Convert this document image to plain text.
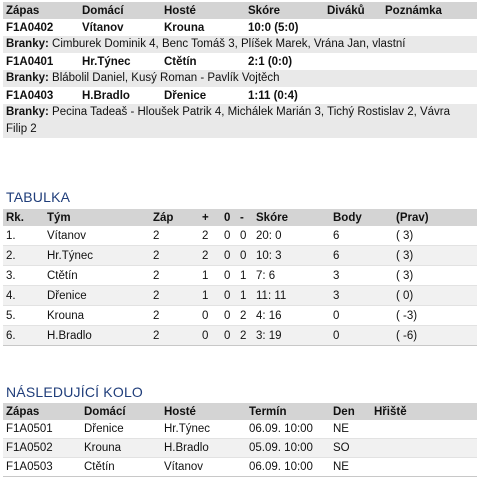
Zápas	Domácí	Hosté	Skóre	Diváků	Poznámka
F1A0402	Vítanov	Krouna	10:0 (5:0)		
Branky: Cimburek Dominik 4, Benc Tomáš 3, Plíšek Marek, Vrána Jan, vlastní					
F1A0401	Hr.Týnec	Ctětín	2:1 (0:0)		
Branky: Blábolil Daniel, Kusý Roman - Pavlík Vojtěch					
F1A0403	H.Bradlo	Dřenice	1:11 (0:4)		
Branky: Pecina Tadeaš - Hloušek Patrik 4, Michálek Marián 3, Tichý Rostislav 2, Vávra Filip 2					
TABULKA
Rk.	Tým	Záp	+	0	-	Skóre	Body	(Prav)
1.	Vítanov	2	2	0	0	20: 0	6	( 3)
2.	Hr.Týnec	2	2	0	0	10: 3	6	( 3)
3.	Ctětín	2	1	0	1	7: 6	3	( 3)
4.	Dřenice	2	1	0	1	11: 11	3	( 0)
5.	Krouna	2	0	0	2	4: 16	0	( -3)
6.	H.Bradlo	2	0	0	2	3: 19	0	( -6)
NÁSLEDUJÍCÍ KOLO
Zápas	Domácí	Hosté	Termín	Den	Hřiště
F1A0501	Dřenice	Hr.Týnec	06.09. 10:00	NE	
F1A0502	Krouna	H.Bradlo	05.09. 10:00	SO	
F1A0503	Ctětín	Vítanov	06.09. 10:00	NE	
